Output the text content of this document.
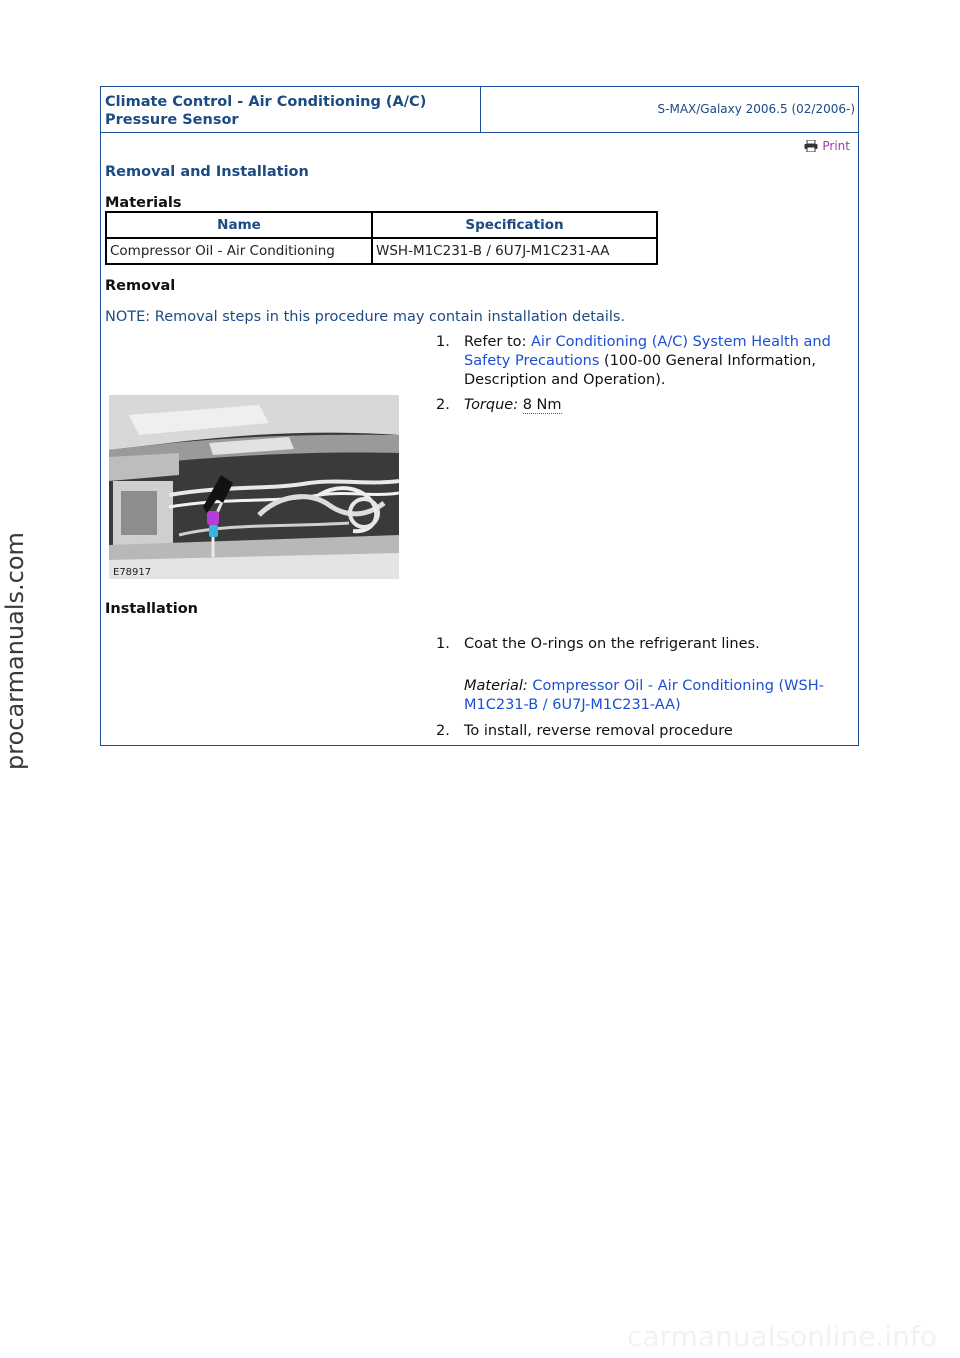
Climate Control - Air Conditioning (A/C)
Pressure Sensor
S-MAX/Galaxy 2006.5 (02/2006-)
Print
Removal and Installation
Materials
Name	Specification
Compressor Oil - Air Conditioning	WSH-M1C231-B / 6U7J-M1C231-AA
Removal
NOTE: Removal steps in this procedure may contain installation details.
1. Refer to: Air Conditioning (A/C) System Health and Safety Precautions (100-00 General Information, Description and Operation).
E78917
2. Torque: 8 Nm
Installation
1. Coat the O-rings on the refrigerant lines.
Material: Compressor Oil - Air Conditioning (WSH-M1C231-B / 6U7J-M1C231-AA)
2. To install, reverse removal procedure
procarmanuals.com
carmanualsonline.info
